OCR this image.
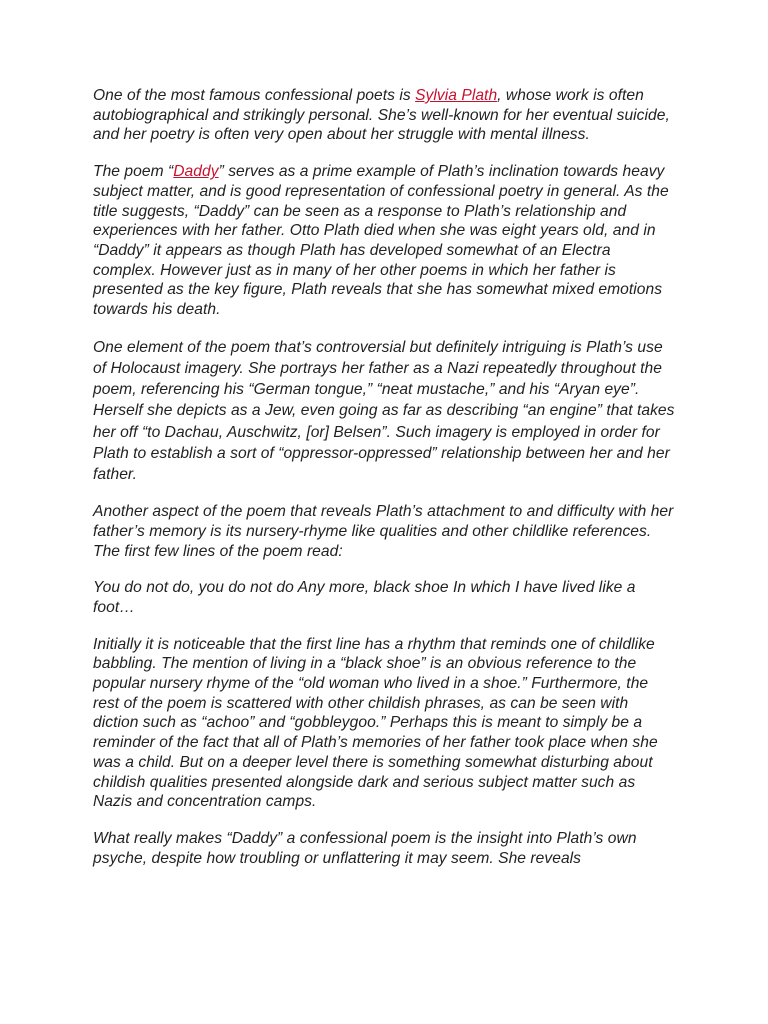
One of the most famous confessional poets is Sylvia Plath, whose work is often autobiographical and strikingly personal. She’s well-known for her eventual suicide, and her poetry is often very open about her struggle with mental illness.

The poem “Daddy” serves as a prime example of Plath’s inclination towards heavy subject matter, and is good representation of confessional poetry in general. As the title suggests, “Daddy” can be seen as a response to Plath’s relationship and experiences with her father. Otto Plath died when she was eight years old, and in “Daddy” it appears as though Plath has developed somewhat of an Electra complex. However just as in many of her other poems in which her father is presented as the key figure, Plath reveals that she has somewhat mixed emotions towards his death.

One element of the poem that’s controversial but definitely intriguing is Plath’s use of Holocaust imagery. She portrays her father as a Nazi repeatedly throughout the poem, referencing his “German tongue,” “neat mustache,” and his “Aryan eye”. Herself she depicts as a Jew, even going as far as describing “an engine” that takes her off “to Dachau, Auschwitz, [or] Belsen”. Such imagery is employed in order for Plath to establish a sort of “oppressor-oppressed” relationship between her and her father.

Another aspect of the poem that reveals Plath’s attachment to and difficulty with her father’s memory is its nursery-rhyme like qualities and other childlike references. The first few lines of the poem read:

You do not do, you do not do Any more, black shoe In which I have lived like a foot…

Initially it is noticeable that the first line has a rhythm that reminds one of childlike babbling. The mention of living in a “black shoe” is an obvious reference to the popular nursery rhyme of the “old woman who lived in a shoe.” Furthermore, the rest of the poem is scattered with other childish phrases, as can be seen with diction such as “achoo” and “gobbleygoo.” Perhaps this is meant to simply be a reminder of the fact that all of Plath’s memories of her father took place when she was a child. But on a deeper level there is something somewhat disturbing about childish qualities presented alongside dark and serious subject matter such as Nazis and concentration camps.

What really makes “Daddy” a confessional poem is the insight into Plath’s own psyche, despite how troubling or unflattering it may seem. She reveals
